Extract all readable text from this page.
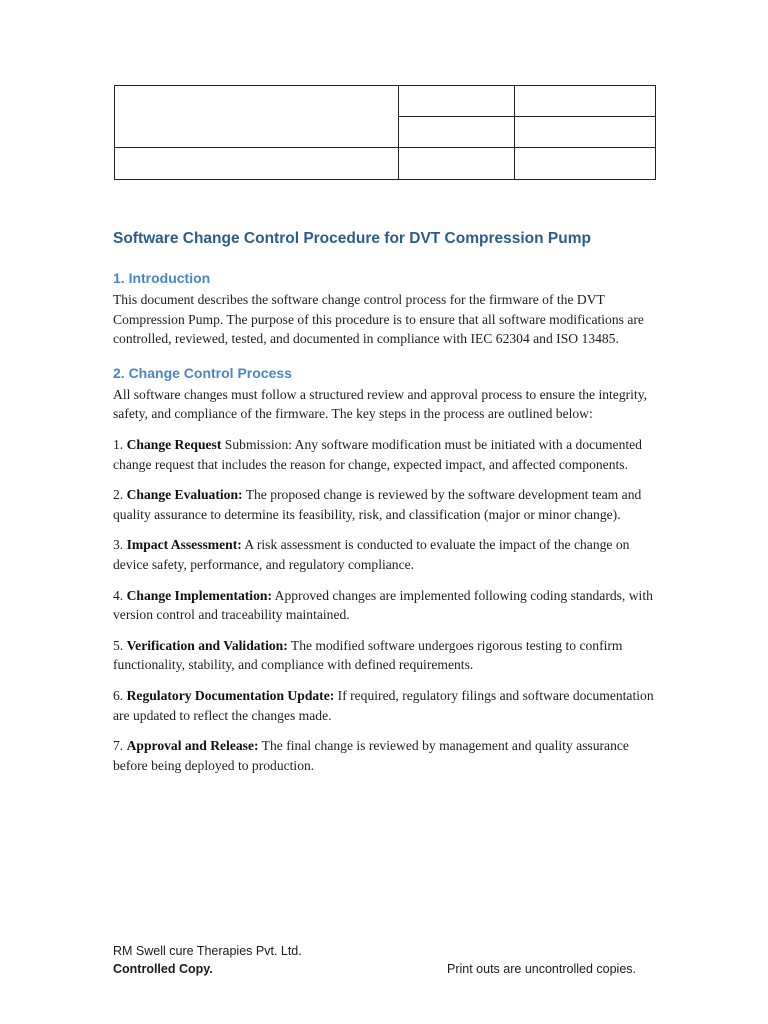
Software Change Control Procedure for DVT Compression Pump
1. Introduction

This document describes the software change control process for the firmware of the DVT Compression Pump. The purpose of this procedure is to ensure that all software modifications are controlled, reviewed, tested, and documented in compliance with IEC 62304 and ISO 13485.

2. Change Control Process

All software changes must follow a structured review and approval process to ensure the integrity, safety, and compliance of the firmware. The key steps in the process are outlined below:

1. Change Request Submission: Any software modification must be initiated with a documented change request that includes the reason for change, expected impact, and affected components.

2. Change Evaluation: The proposed change is reviewed by the software development team and quality assurance to determine its feasibility, risk, and classification (major or minor change).

3. Impact Assessment: A risk assessment is conducted to evaluate the impact of the change on device safety, performance, and regulatory compliance.

4. Change Implementation: Approved changes are implemented following coding standards, with version control and traceability maintained.

5. Verification and Validation: The modified software undergoes rigorous testing to confirm functionality, stability, and compliance with defined requirements.

6. Regulatory Documentation Update: If required, regulatory filings and software documentation are updated to reflect the changes made.

7. Approval and Release: The final change is reviewed by management and quality assurance before being deployed to production.

RM Swell cure Therapies Pvt. Ltd.
Controlled Copy.	Print outs are uncontrolled copies.
